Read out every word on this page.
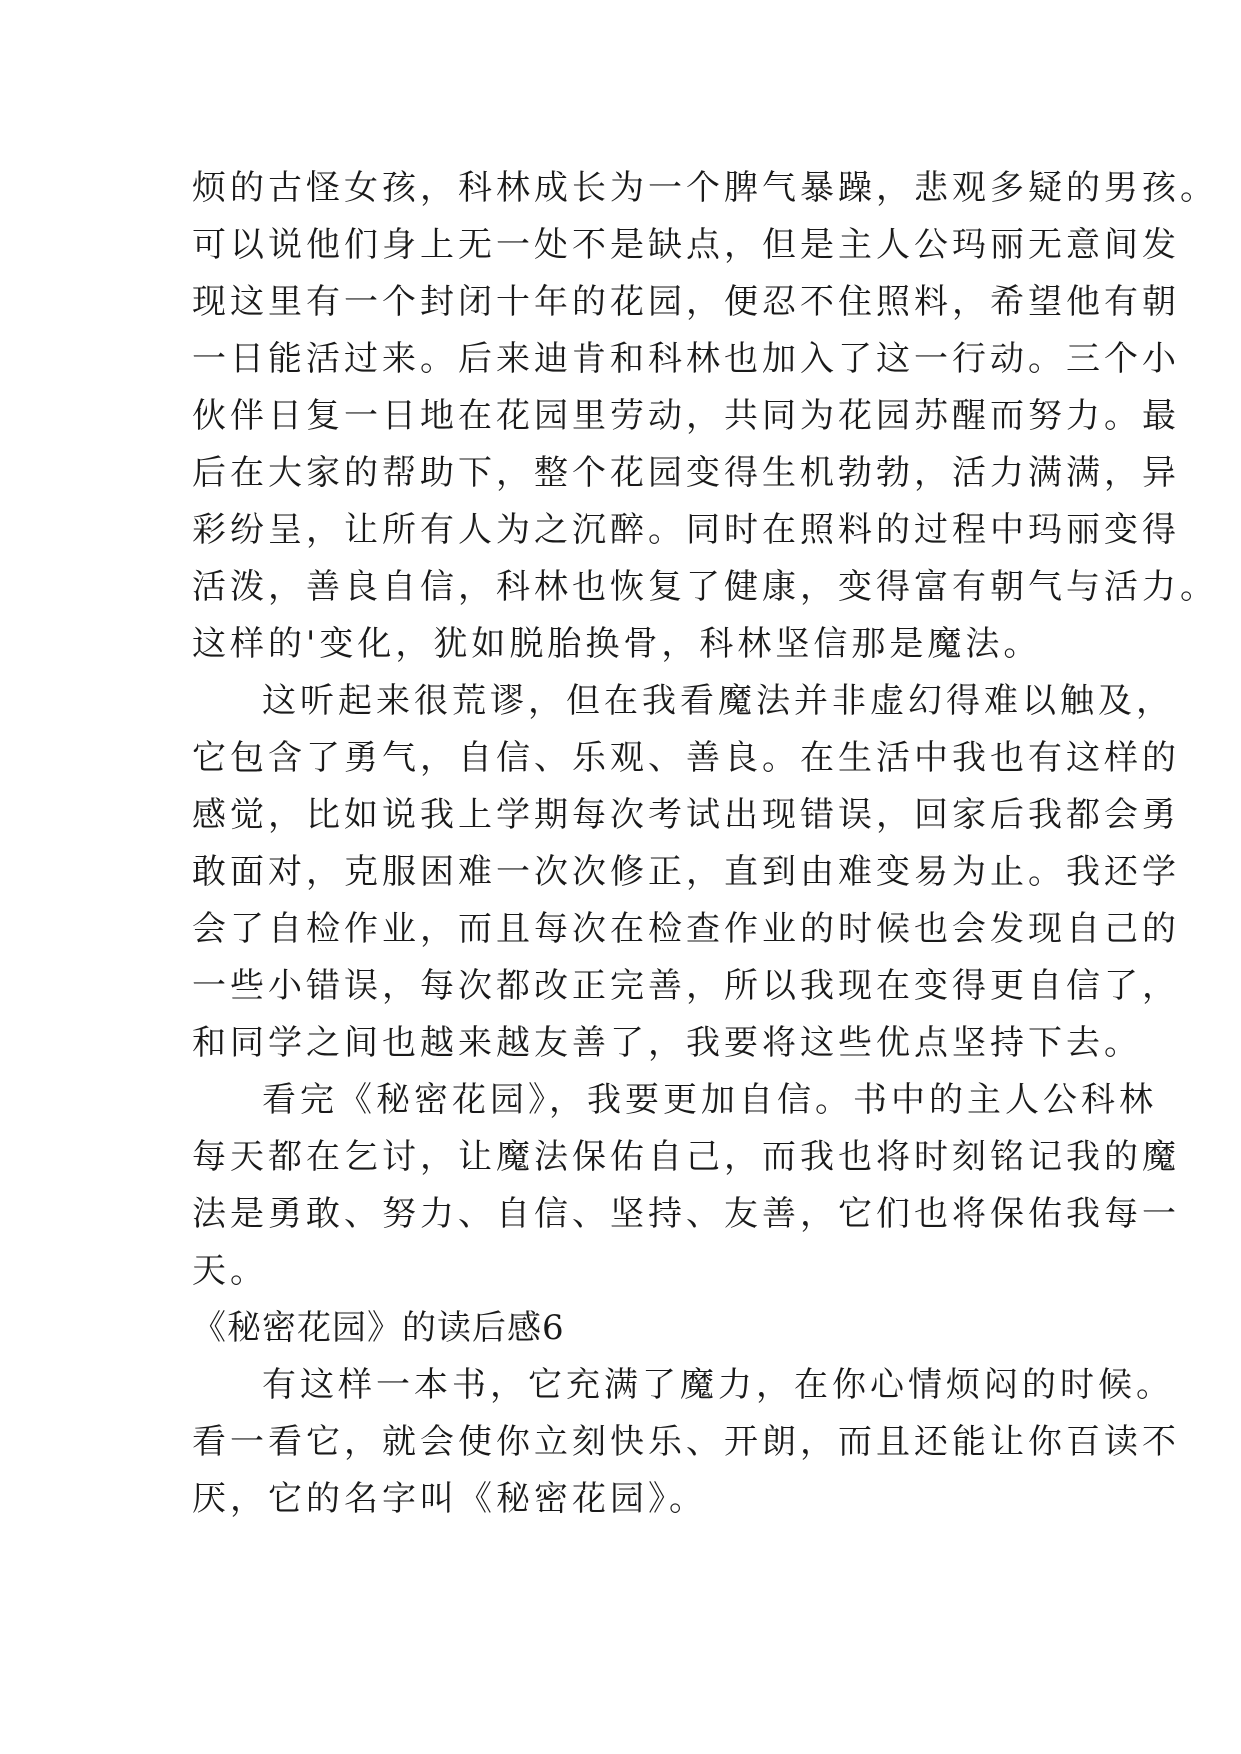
烦的古怪女孩，科林成长为一个脾气暴躁，悲观多疑的男孩。
可以说他们身上无一处不是缺点，但是主人公玛丽无意间发
现这里有一个封闭十年的花园，便忍不住照料，希望他有朝
一日能活过来。后来迪肯和科林也加入了这一行动。三个小
伙伴日复一日地在花园里劳动，共同为花园苏醒而努力。最
后在大家的帮助下，整个花园变得生机勃勃，活力满满，异
彩纷呈，让所有人为之沉醉。同时在照料的过程中玛丽变得
活泼，善良自信，科林也恢复了健康，变得富有朝气与活力。
这样的'变化，犹如脱胎换骨，科林坚信那是魔法。
这听起来很荒谬，但在我看魔法并非虚幻得难以触及，
它包含了勇气，自信、乐观、善良。在生活中我也有这样的
感觉，比如说我上学期每次考试出现错误，回家后我都会勇
敢面对，克服困难一次次修正，直到由难变易为止。我还学
会了自检作业，而且每次在检查作业的时候也会发现自己的
一些小错误，每次都改正完善，所以我现在变得更自信了，
和同学之间也越来越友善了，我要将这些优点坚持下去。
看完《秘密花园》，我要更加自信。书中的主人公科林
每天都在乞讨，让魔法保佑自己，而我也将时刻铭记我的魔
法是勇敢、努力、自信、坚持、友善，它们也将保佑我每一
天。
《秘密花园》的读后感6
有这样一本书，它充满了魔力，在你心情烦闷的时候。
看一看它，就会使你立刻快乐、开朗，而且还能让你百读不
厌，它的名字叫《秘密花园》。
